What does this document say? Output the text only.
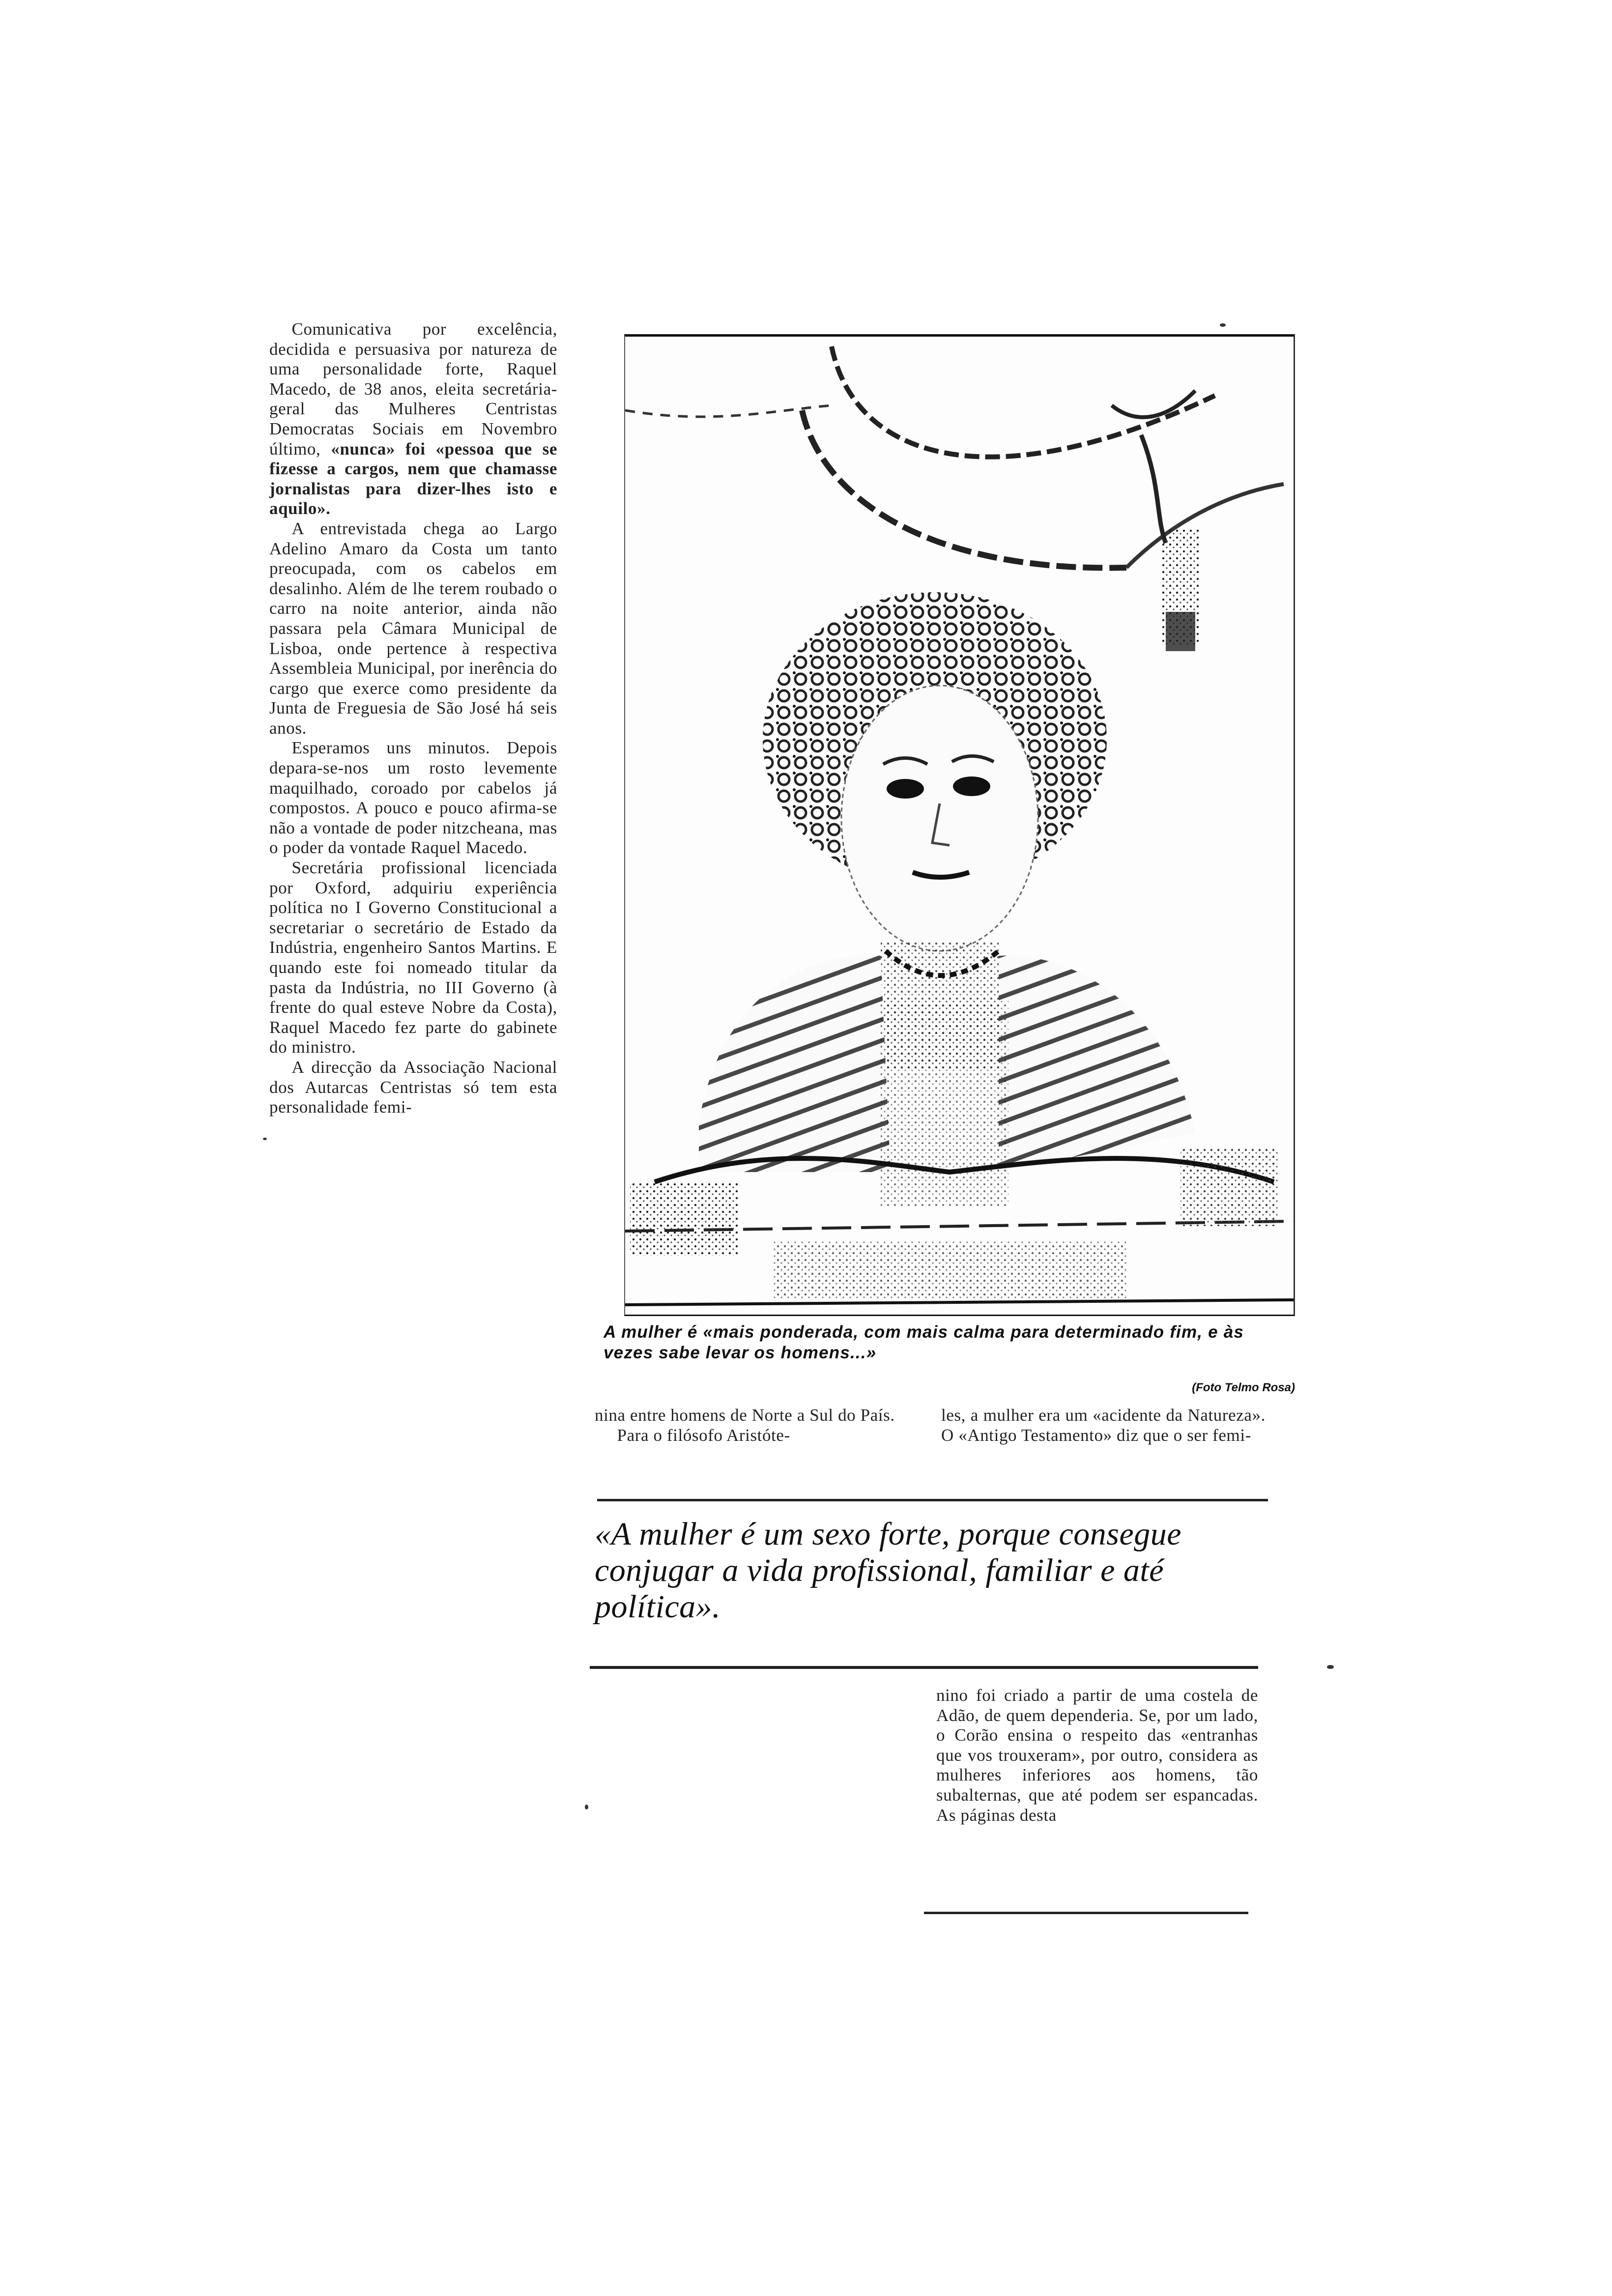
Comunicativa por excelência, decidida e persuasiva por natureza de uma personalidade forte, Raquel Macedo, de 38 anos, eleita secretária-geral das Mulheres Centristas Democratas Sociais em Novembro último, «nunca» foi «pessoa que se fizesse a cargos, nem que chamasse jornalistas para dizer-lhes isto e aquilo».

A entrevistada chega ao Largo Adelino Amaro da Costa um tanto preocupada, com os cabelos em desalinho. Além de lhe terem roubado o carro na noite anterior, ainda não passara pela Câmara Municipal de Lisboa, onde pertence à respectiva Assembleia Municipal, por inerência do cargo que exerce como presidente da Junta de Freguesia de São José há seis anos.

Esperamos uns minutos. Depois depara-se-nos um rosto levemente maquilhado, coroado por cabelos já compostos. A pouco e pouco afirma-se não a vontade de poder nitzcheana, mas o poder da vontade Raquel Macedo.

Secretária profissional licenciada por Oxford, adquiriu experiência política no I Governo Constitucional a secretariar o secretário de Estado da Indústria, engenheiro Santos Martins. E quando este foi nomeado titular da pasta da Indústria, no III Governo (à frente do qual esteve Nobre da Costa), Raquel Macedo fez parte do gabinete do ministro.

A direcção da Associação Nacional dos Autarcas Centristas só tem esta personalidade femi-

A mulher é «mais ponderada, com mais calma para determinado fim, e às vezes sabe levar os homens...»
(Foto Telmo Rosa)
nina entre homens de Norte a Sul do País.
Para o filósofo Aristóte-
les, a mulher era um «acidente da Natureza». O «Antigo Testamento» diz que o ser femi-
«A mulher é um sexo forte, porque consegue conjugar a vida profissional, familiar e até política».
nino foi criado a partir de uma costela de Adão, de quem dependeria. Se, por um lado, o Corão ensina o respeito das «entranhas que vos trouxeram», por outro, considera as mulheres inferiores aos homens, tão subalternas, que até podem ser espancadas. As páginas desta
